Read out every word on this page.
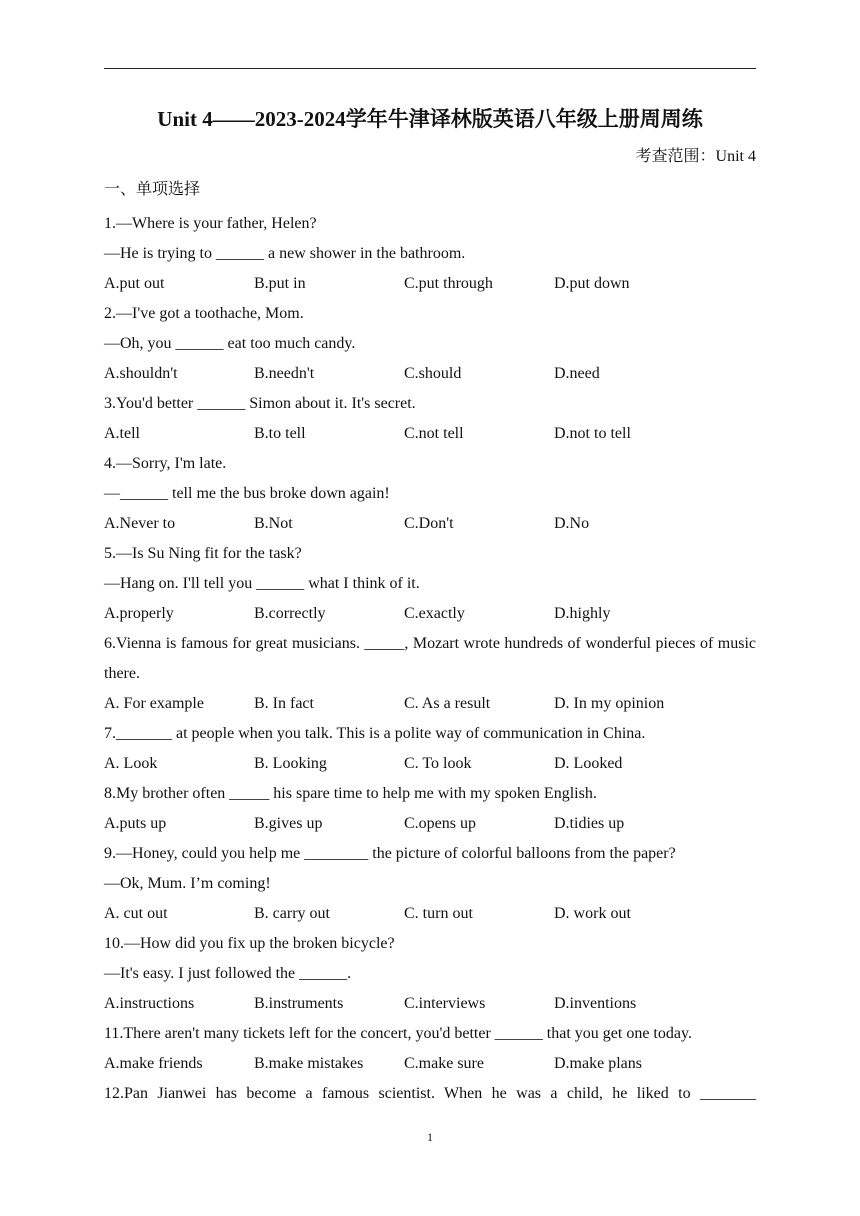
Unit 4——2023-2024学年牛津译林版英语八年级上册周周练
考查范围：Unit 4
一、单项选择
1.—Where is your father, Helen?
—He is trying to ______ a new shower in the bathroom.
A.put out	B.put in	C.put through	D.put down
2.—I've got a toothache, Mom.
—Oh, you ______ eat too much candy.
A.shouldn't	B.needn't	C.should	D.need
3.You'd better ______ Simon about it. It's secret.
A.tell	B.to tell	C.not tell	D.not to tell
4.—Sorry, I'm late.
—______ tell me the bus broke down again!
A.Never to	B.Not	C.Don't	D.No
5.—Is Su Ning fit for the task?
—Hang on. I'll tell you ______ what I think of it.
A.properly	B.correctly	C.exactly	D.highly
6.Vienna is famous for great musicians. _____, Mozart wrote hundreds of wonderful pieces of music there.
A. For example	B. In fact	C. As a result	D. In my opinion
7._______ at people when you talk. This is a polite way of communication in China.
A. Look	B. Looking	C. To look	D. Looked
8.My brother often _____ his spare time to help me with my spoken English.
A.puts up	B.gives up	C.opens up	D.tidies up
9.—Honey, could you help me ________ the picture of colorful balloons from the paper?
—Ok, Mum. I’m coming!
A. cut out	B. carry out	C. turn out	D. work out
10.—How did you fix up the broken bicycle?
—It's easy. I just followed the ______.
A.instructions	B.instruments	C.interviews	D.inventions
11.There aren't many tickets left for the concert, you'd better ______ that you get one today.
A.make friends	B.make mistakes	C.make sure	D.make plans
12.Pan Jianwei has become a famous scientist. When he was a child, he liked to _______
1
